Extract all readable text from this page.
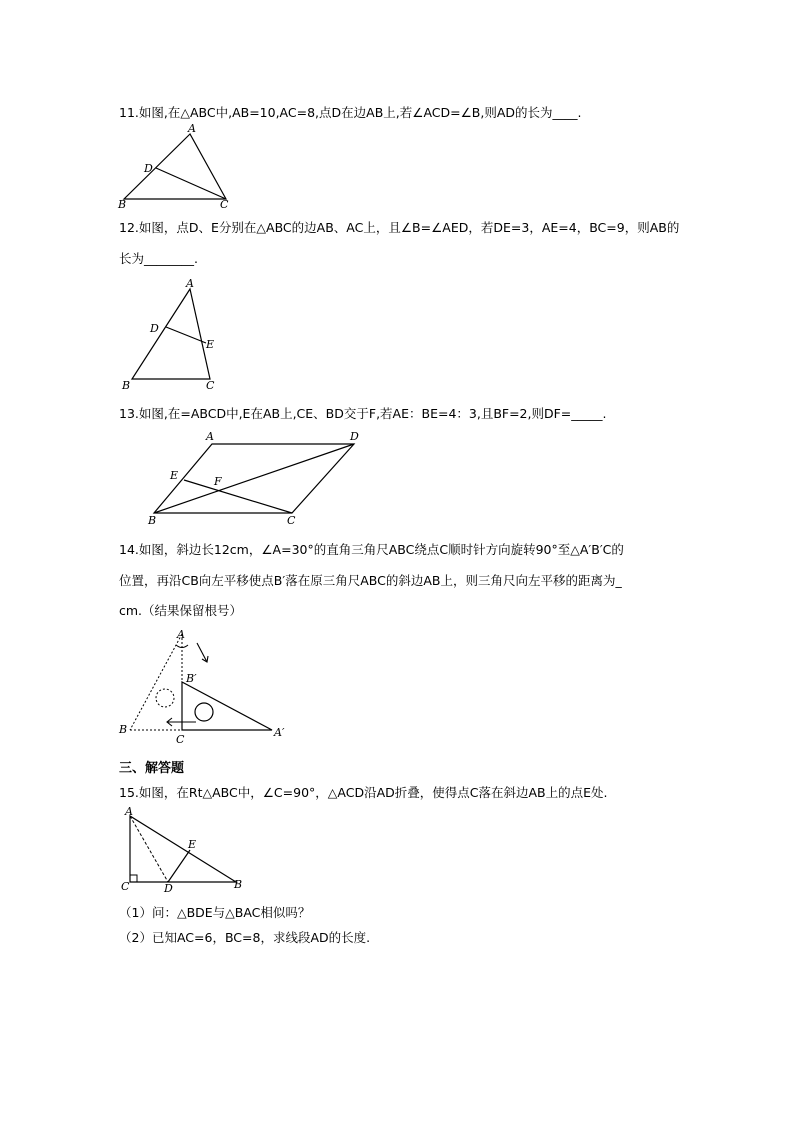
11.如图,在△ABC中,AB=10,AC=8,点D在边AB上,若∠ACD=∠B,则AD的长为____.
A
D
B	C
12.如图，点D、E分别在△ABC的边AB、AC上，且∠B=∠AED，若DE=3，AE=4，BC=9，则AB的
长为________.
A
D
E
B	C
13.如图,在=ABCD中,E在AB上,CE、BD交于F,若AE：BE=4：3,且BF=2,则DF=_____.
A	D
E	F
B	C
14.如图，斜边长12cm，∠A=30°的直角三角尺ABC绕点C顺时针方向旋转90°至△A′B′C的
位置，再沿CB向左平移使点B′落在原三角尺ABC的斜边AB上，则三角尺向左平移的距离为_
cm.（结果保留根号）
A
B′
B
C
A′
三、解答题
15.如图，在Rt△ABC中，∠C=90°，△ACD沿AD折叠，使得点C落在斜边AB上的点E处.
A
E
C	D	B
（1）问：△BDE与△BAC相似吗？
（2）已知AC=6，BC=8，求线段AD的长度.
